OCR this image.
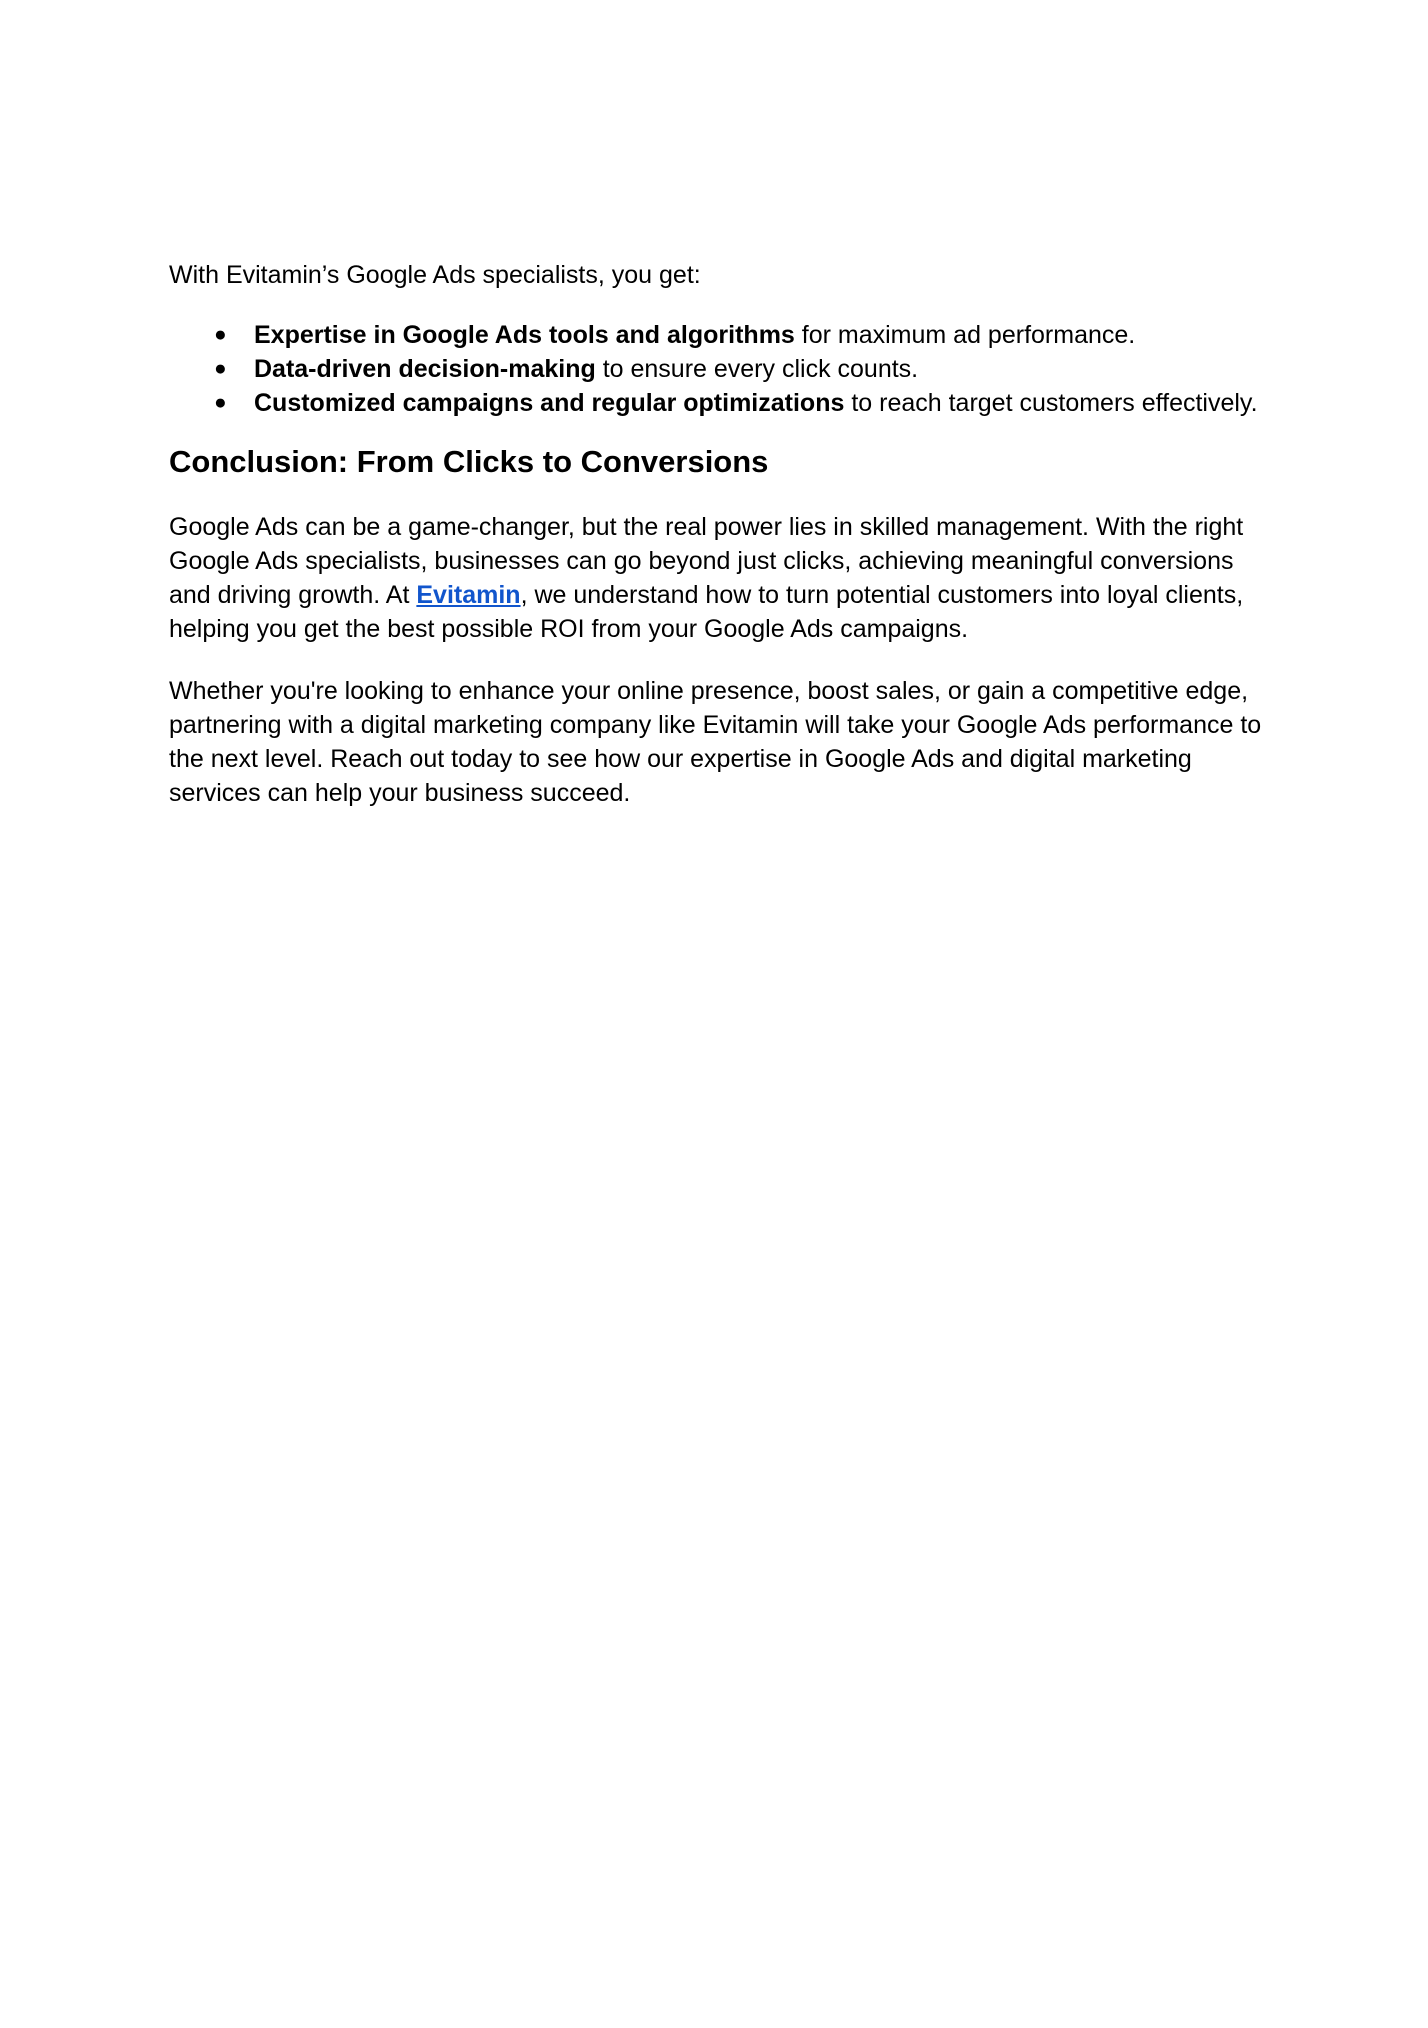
With Evitamin’s Google Ads specialists, you get:

● Expertise in Google Ads tools and algorithms for maximum ad performance.
● Data-driven decision-making to ensure every click counts.
● Customized campaigns and regular optimizations to reach target customers effectively.
Conclusion: From Clicks to Conversions

Google Ads can be a game-changer, but the real power lies in skilled management. With the right Google Ads specialists, businesses can go beyond just clicks, achieving meaningful conversions and driving growth. At Evitamin, we understand how to turn potential customers into loyal clients, helping you get the best possible ROI from your Google Ads campaigns.

Whether you're looking to enhance your online presence, boost sales, or gain a competitive edge, partnering with a digital marketing company like Evitamin will take your Google Ads performance to the next level. Reach out today to see how our expertise in Google Ads and digital marketing services can help your business succeed.
